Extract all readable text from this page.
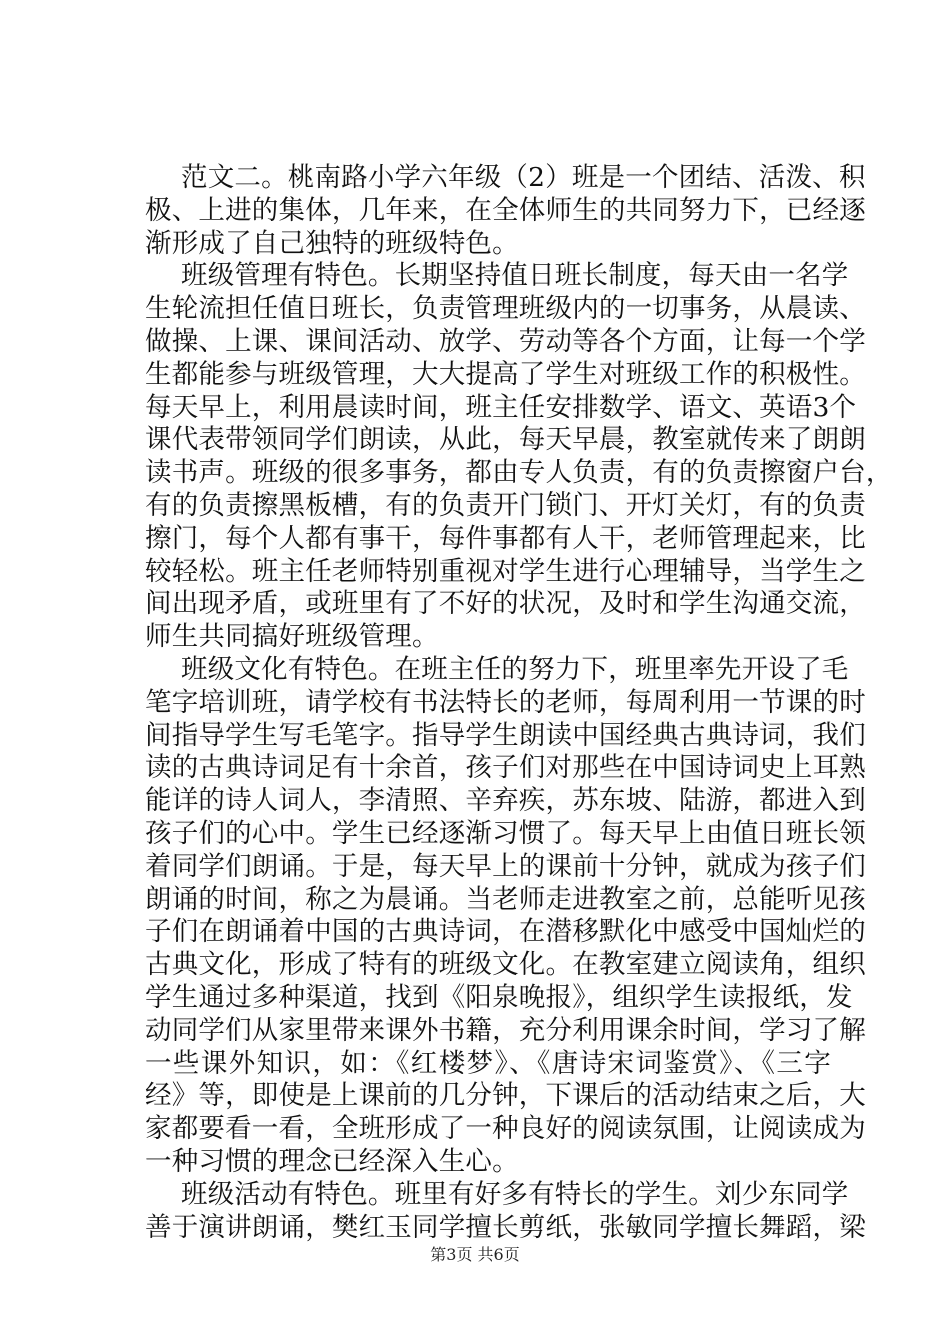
范文二。桃南路小学六年级（2）班是一个团结、活泼、积
极、上进的集体，几年来，在全体师生的共同努力下，已经逐
渐形成了自己独特的班级特色。
班级管理有特色。长期坚持值日班长制度，每天由一名学
生轮流担任值日班长，负责管理班级内的一切事务，从晨读、
做操、上课、课间活动、放学、劳动等各个方面，让每一个学
生都能参与班级管理，大大提高了学生对班级工作的积极性。
每天早上，利用晨读时间，班主任安排数学、语文、英语3个
课代表带领同学们朗读，从此，每天早晨，教室就传来了朗朗
读书声。班级的很多事务，都由专人负责，有的负责擦窗户台，
有的负责擦黑板槽，有的负责开门锁门、开灯关灯，有的负责
擦门，每个人都有事干，每件事都有人干，老师管理起来，比
较轻松。班主任老师特别重视对学生进行心理辅导，当学生之
间出现矛盾，或班里有了不好的状况，及时和学生沟通交流，
师生共同搞好班级管理。
班级文化有特色。在班主任的努力下，班里率先开设了毛
笔字培训班，请学校有书法特长的老师，每周利用一节课的时
间指导学生写毛笔字。指导学生朗读中国经典古典诗词，我们
读的古典诗词足有十余首，孩子们对那些在中国诗词史上耳熟
能详的诗人词人，李清照、辛弃疾，苏东坡、陆游，都进入到
孩子们的心中。学生已经逐渐习惯了。每天早上由值日班长领
着同学们朗诵。于是，每天早上的课前十分钟，就成为孩子们
朗诵的时间，称之为晨诵。当老师走进教室之前，总能听见孩
子们在朗诵着中国的古典诗词，在潜移默化中感受中国灿烂的
古典文化，形成了特有的班级文化。在教室建立阅读角，组织
学生通过多种渠道，找到《阳泉晚报》，组织学生读报纸，发
动同学们从家里带来课外书籍，充分利用课余时间，学习了解
一些课外知识，如：《红楼梦》、《唐诗宋词鉴赏》、《三字
经》等，即使是上课前的几分钟，下课后的活动结束之后，大
家都要看一看，全班形成了一种良好的阅读氛围，让阅读成为
一种习惯的理念已经深入生心。
班级活动有特色。班里有好多有特长的学生。刘少东同学
善于演讲朗诵，樊红玉同学擅长剪纸，张敏同学擅长舞蹈，梁
第3页 共6页
